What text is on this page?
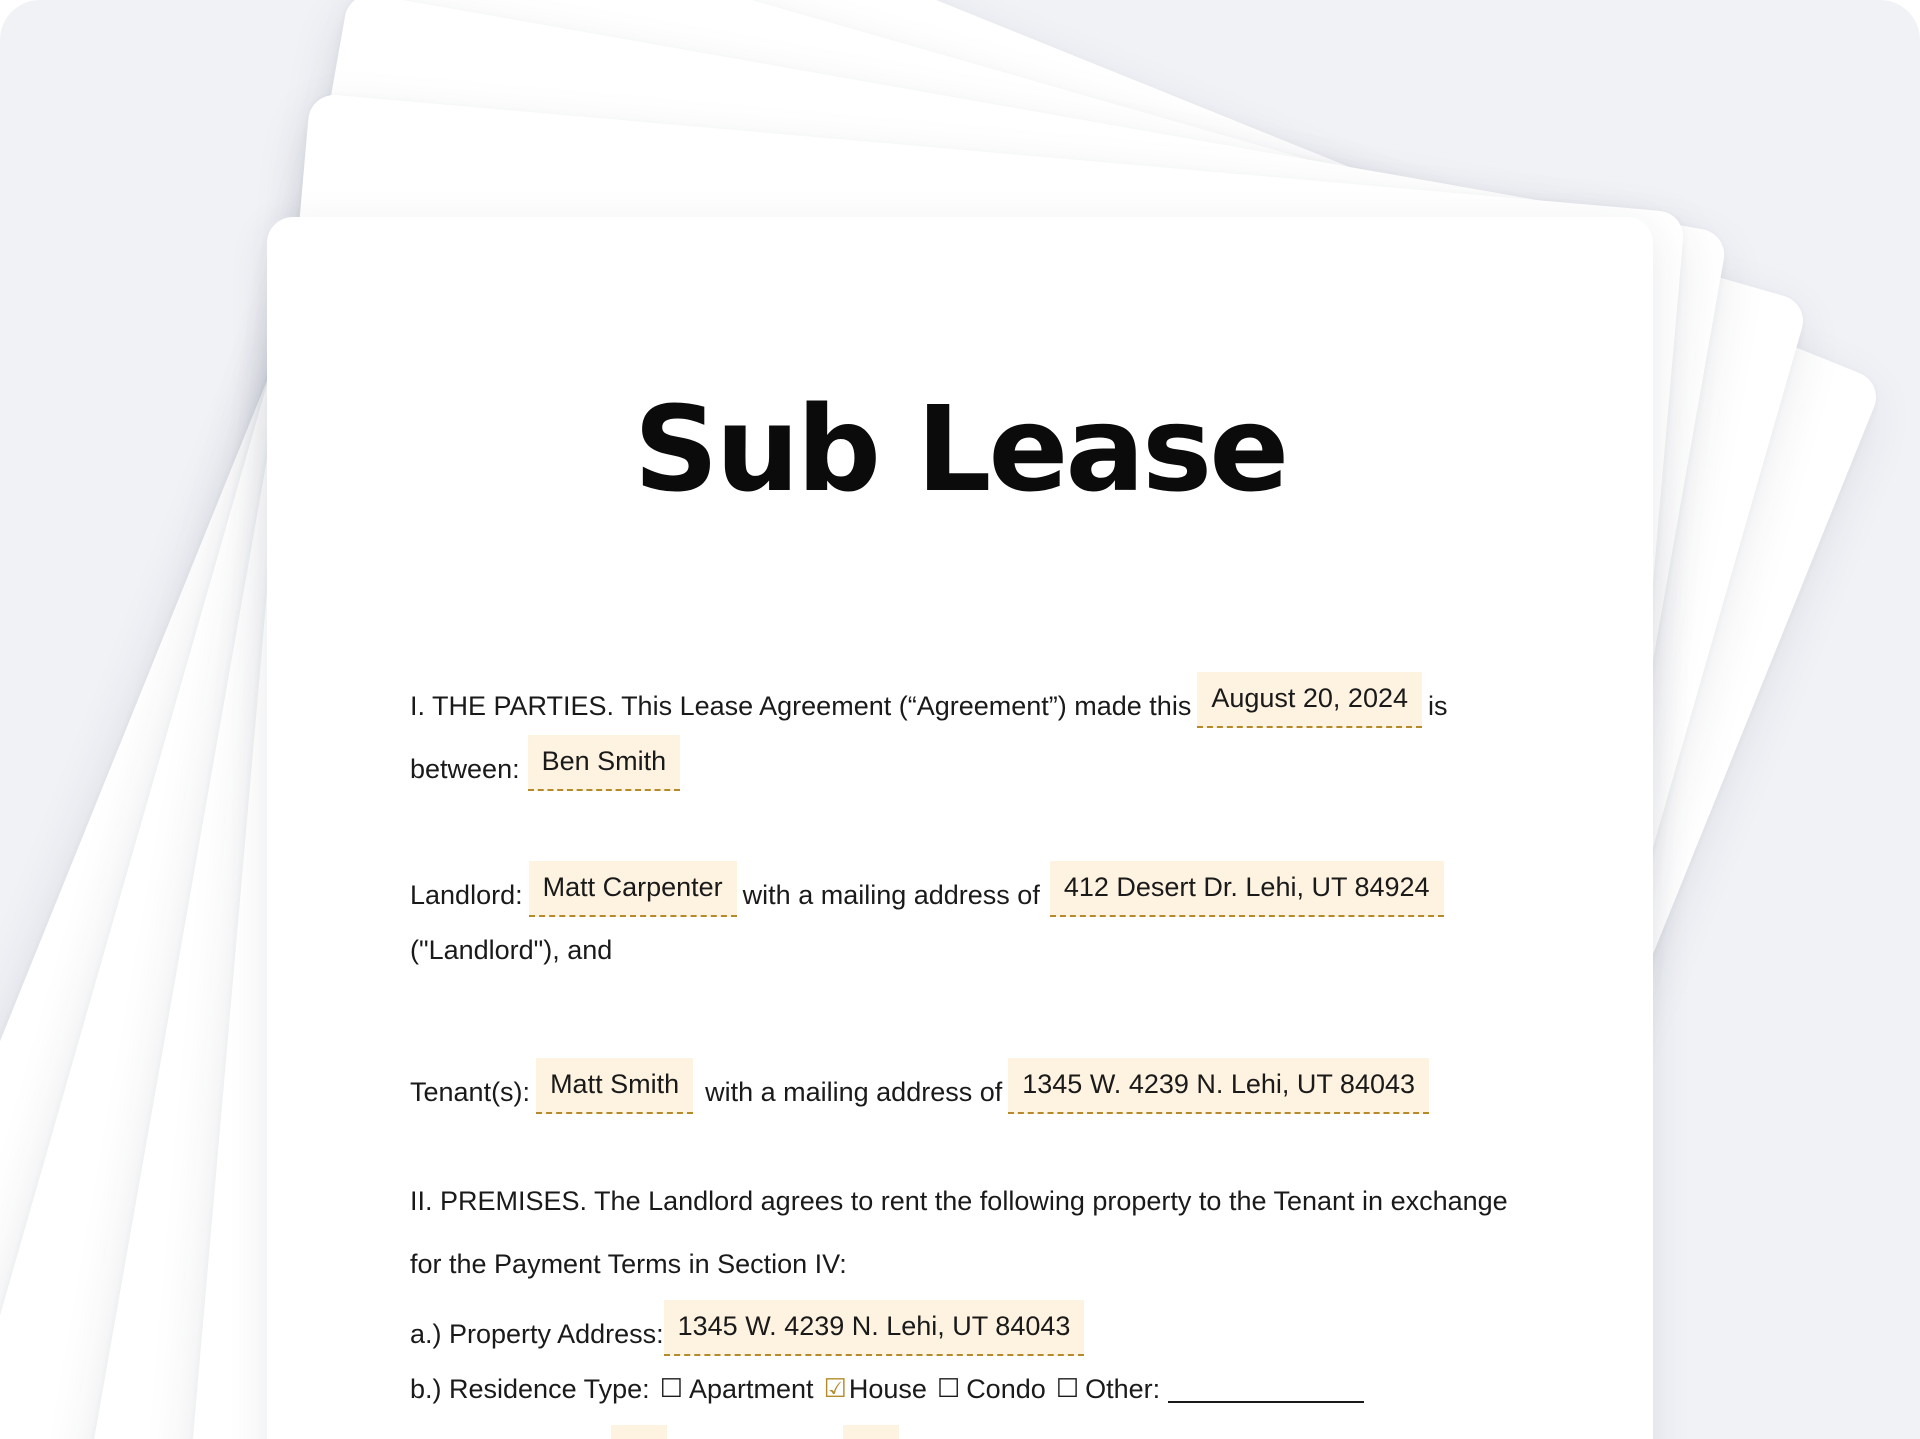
Sub Lease
I. THE PARTIES. This Lease Agreement (“Agreement”) made this August 20, 2024 is
between: Ben Smith
Landlord: Matt Carpenter with a mailing address of 412 Desert Dr. Lehi, UT 84924
("Landlord"), and
Tenant(s): Matt Smith with a mailing address of 1345 W. 4239 N. Lehi, UT 84043
II. PREMISES. The Landlord agrees to rent the following property to the Tenant in exchange
for the Payment Terms in Section IV:
a.) Property Address: 1345 W. 4239 N. Lehi, UT 84043
b.) Residence Type: ☐ Apartment ☑ House ☐ Condo ☐ Other:
